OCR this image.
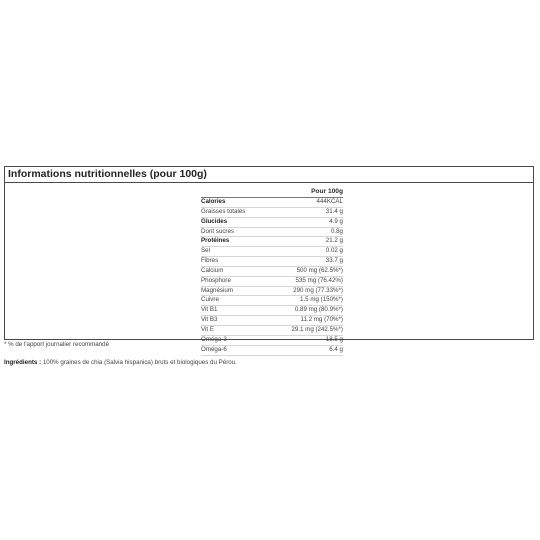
Informations nutritionnelles (pour 100g)
Pour 100g
Calories	444KCAL
Graisses totales	31.4 g
Glucides	4.9 g
Dont sucres	0.8g
Protéines	21.2 g
Sel	0.02 g
Fibres	33.7 g
Calcium	500 mg (62.5%*)
Phosphore	535 mg (76.42%)
Magnésium	290 mg (77.33%*)
Cuivre	1.5 mg (150%*)
Vit B1	0.89 mg (80.9%*)
Vit B3	11.2 mg (70%*)
Vit E	29.1 mg (242.5%*)
Oméga-3	18.5 g
Oméga-6	6.4 g
* % de l'apport journalier recommandé
Ingrédients : 100% graines de chia (Salvia hispanica) bruts et biologiques du Pérou.
